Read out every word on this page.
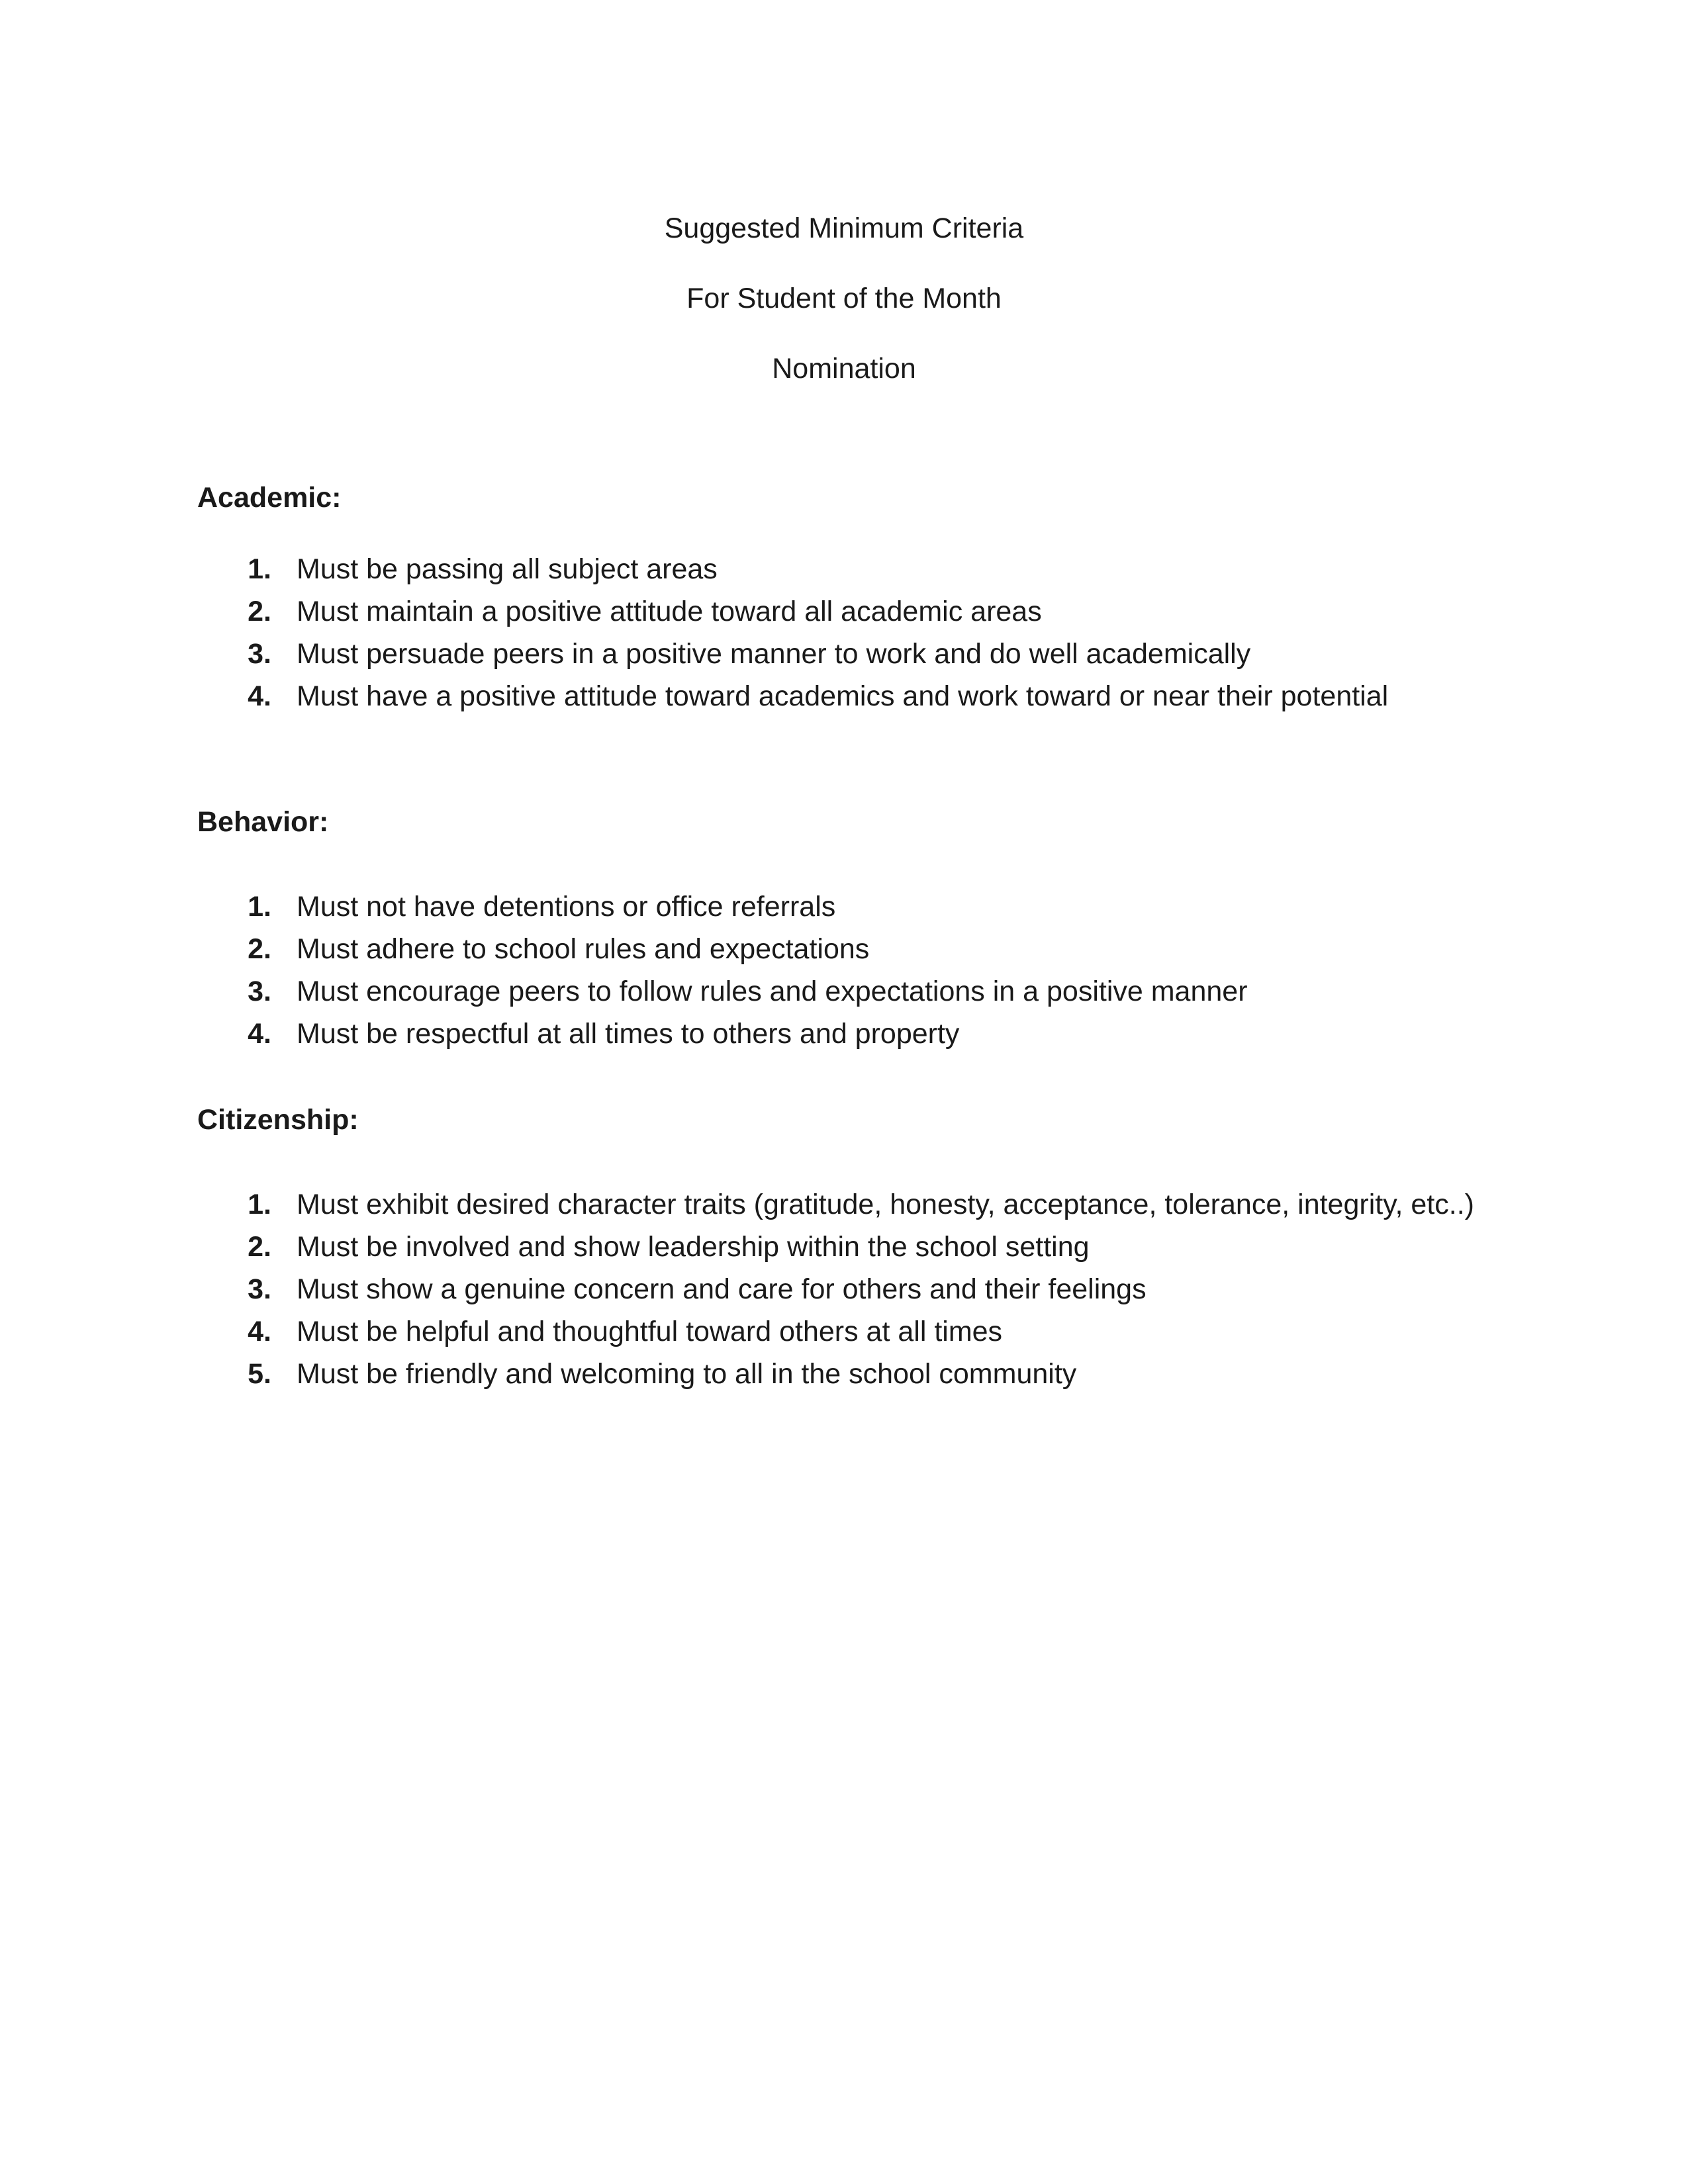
Suggested Minimum Criteria

For Student of the Month

Nomination

Academic:
1. Must be passing all subject areas
2. Must maintain a positive attitude toward all academic areas
3. Must persuade peers in a positive manner to work and do well academically
4. Must have a positive attitude toward academics and work toward or near their potential
Behavior:
1. Must not have detentions or office referrals
2. Must adhere to school rules and expectations
3. Must encourage peers to follow rules and expectations in a positive manner
4. Must be respectful at all times to others and property
Citizenship:
1. Must exhibit desired character traits (gratitude, honesty, acceptance, tolerance, integrity, etc..)
2. Must be involved and show leadership within the school setting
3. Must show a genuine concern and care for others and their feelings
4. Must be helpful and thoughtful toward others at all times
5. Must be friendly and welcoming to all in the school community
